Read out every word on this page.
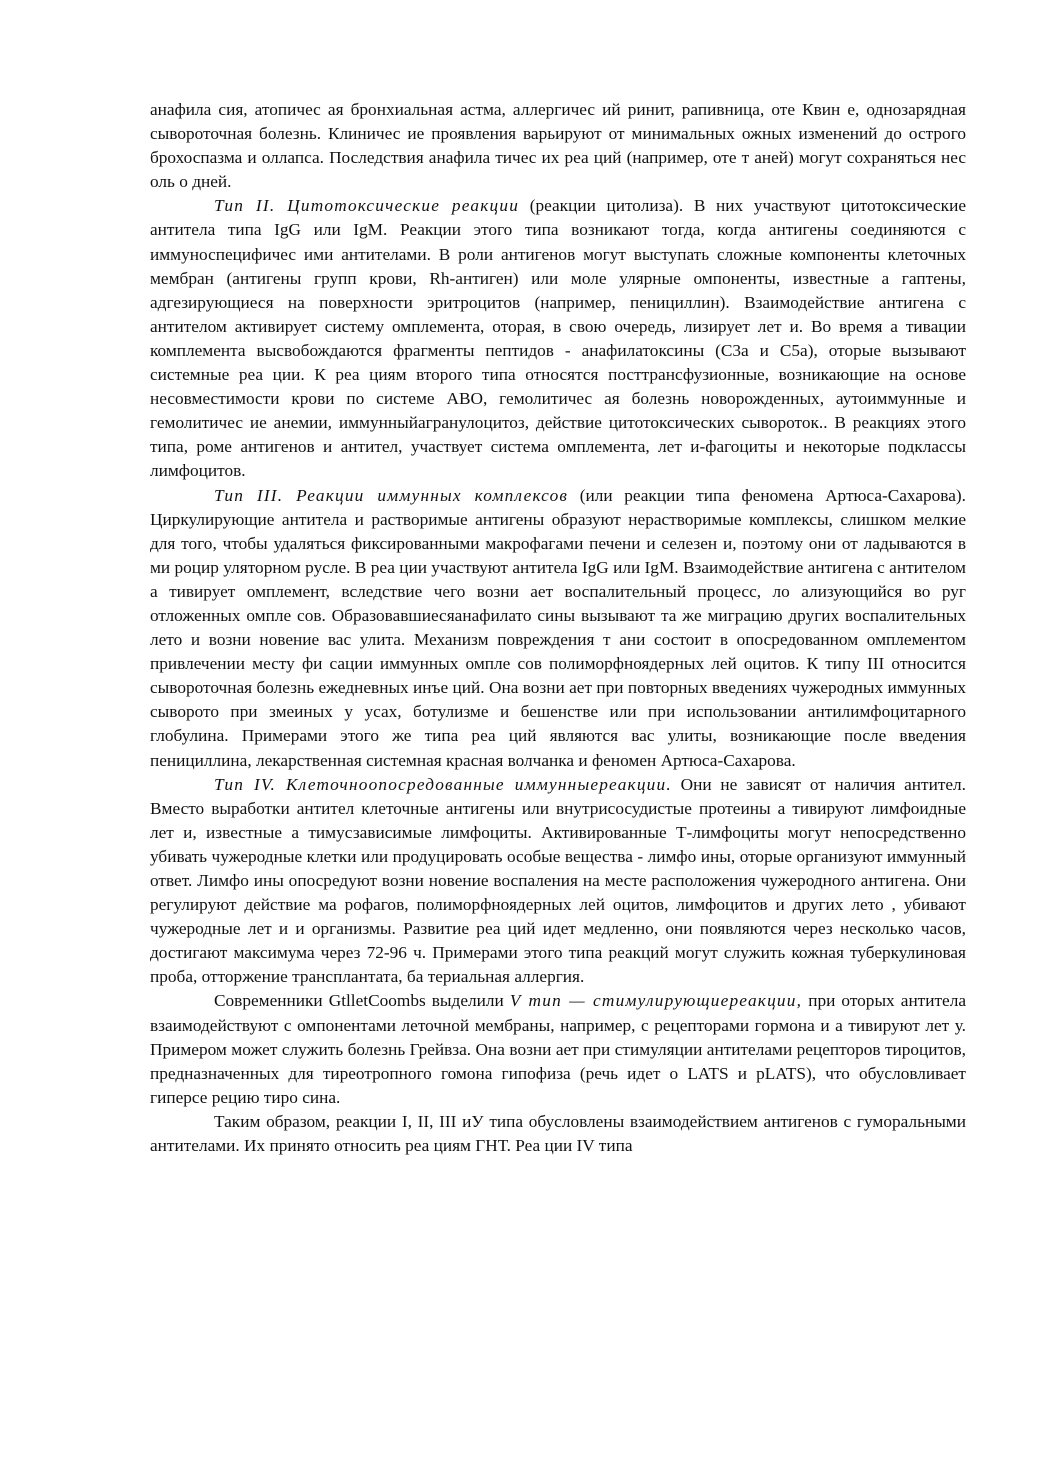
анафила сия, атопичес ая бронхиальная астма, аллергичес ий ринит, рапивница, оте Квин е, однозарядная сывороточная болезнь. Клиничес ие проявления варьируют от минимальных ожных изменений до острого брохоспазма и оллапса. Последствия анафила тичес их реа ций (например, оте т аней) могут сохраняться нес оль о дней.

Тип II. Цитотоксические реакции (реакции цитолиза). В них участвуют цитотоксические антитела типа IgG или IgM. Реакции этого типа возникают тогда, когда антигены соединяются с иммуноспецифичес ими антителами. В роли антигенов могут выступать сложные компоненты клеточных мембран (антигены групп крови, Rh-антиген) или моле улярные омпоненты, известные а гаптены, адгезирующиеся на поверхности эритроцитов (например, пенициллин). Взаимодействие антигена с антителом активирует систему омплемента, оторая, в свою очередь, лизирует лет и. Во время а тивации комплемента высвобождаются фрагменты пептидов - анафилатоксины (С3а и С5а), оторые вызывают системные реа ции. К реа циям второго типа относятся посттрансфузионные, возникающие на основе несовместимости крови по системе АВО, гемолитичес ая болезнь новорожденных, аутоиммунные и гемолитичес ие анемии, иммунныйагранулоцитоз, действие цитотоксических сывороток.. В реакциях этого типа, роме антигенов и антител, участвует система омплемента, лет и-фагоциты и некоторые подклассы лимфоцитов.

Тип III. Реакции иммунных комплексов (или реакции типа феномена Артюса-Сахарова). Циркулирующие антитела и растворимые антигены образуют нерастворимые комплексы, слишком мелкие для того, чтобы удаляться фиксированными макрофагами печени и селезен и, поэтому они от ладываются в ми роцир уляторном русле. В реа ции участвуют антитела IgG или IgM. Взаимодействие антигена с антителом а тивирует омплемент, вследствие чего возни ает воспалительный процесс, ло ализующийся во руг отложенных омпле сов. Образовавшиесяанафилато сины вызывают та же миграцию других воспалительных лето и возни новение вас улита. Механизм повреждения т ани состоит в опосредованном омплементом привлечении месту фи сации иммунных омпле сов полиморфноядерных лей оцитов. К типу III относится сывороточная болезнь ежедневных инъе ций. Она возни ает при повторных введениях чужеродных иммунных сыворото при змеиных у усах, ботулизме и бешенстве или при использовании антилимфоцитарного глобулина. Примерами этого же типа реа ций являются вас улиты, возникающие после введения пенициллина, лекарственная системная красная волчанка и феномен Артюса-Сахарова.

Тип IV. Клеточноопосредованные иммунныереакции. Они не зависят от наличия антител. Вместо выработки антител клеточные антигены или внутрисосудистые протеины а тивируют лимфоидные лет и, известные а тимусзависимые лимфоциты. Активированные Т-лимфоциты могут непосредственно убивать чужеродные клетки или продуцировать особые вещества - лимфо ины, оторые организуют иммунный ответ. Лимфо ины опосредуют возни новение воспаления на месте расположения чужеродного антигена. Они регулируют действие ма рофагов, полиморфноядерных лей оцитов, лимфоцитов и других лето , убивают чужеродные лет и и организмы. Развитие реа ций идет медленно, они появляются через несколько часов, достигают максимума через 72-96 ч. Примерами этого типа реакций могут служить кожная туберкулиновая проба, отторжение трансплантата, ба териальная аллергия.

Современники GtlletCoombs выделили V тип — стимулирующиереакции, при оторых антитела взаимодействуют с омпонентами леточной мембраны, например, с рецепторами гормона и а тивируют лет у. Примером может служить болезнь Грейвза. Она возни ает при стимуляции антителами рецепторов тироцитов, предназначенных для тиреотропного гомона гипофиза (речь идет о LATS и pLATS), что обусловливает гиперсе рецию тиро сина.

Таким образом, реакции I, II, III иУ типа обусловлены взаимодействием антигенов с гуморальными антителами. Их принято относить реа циям ГНТ. Реа ции IV типа
